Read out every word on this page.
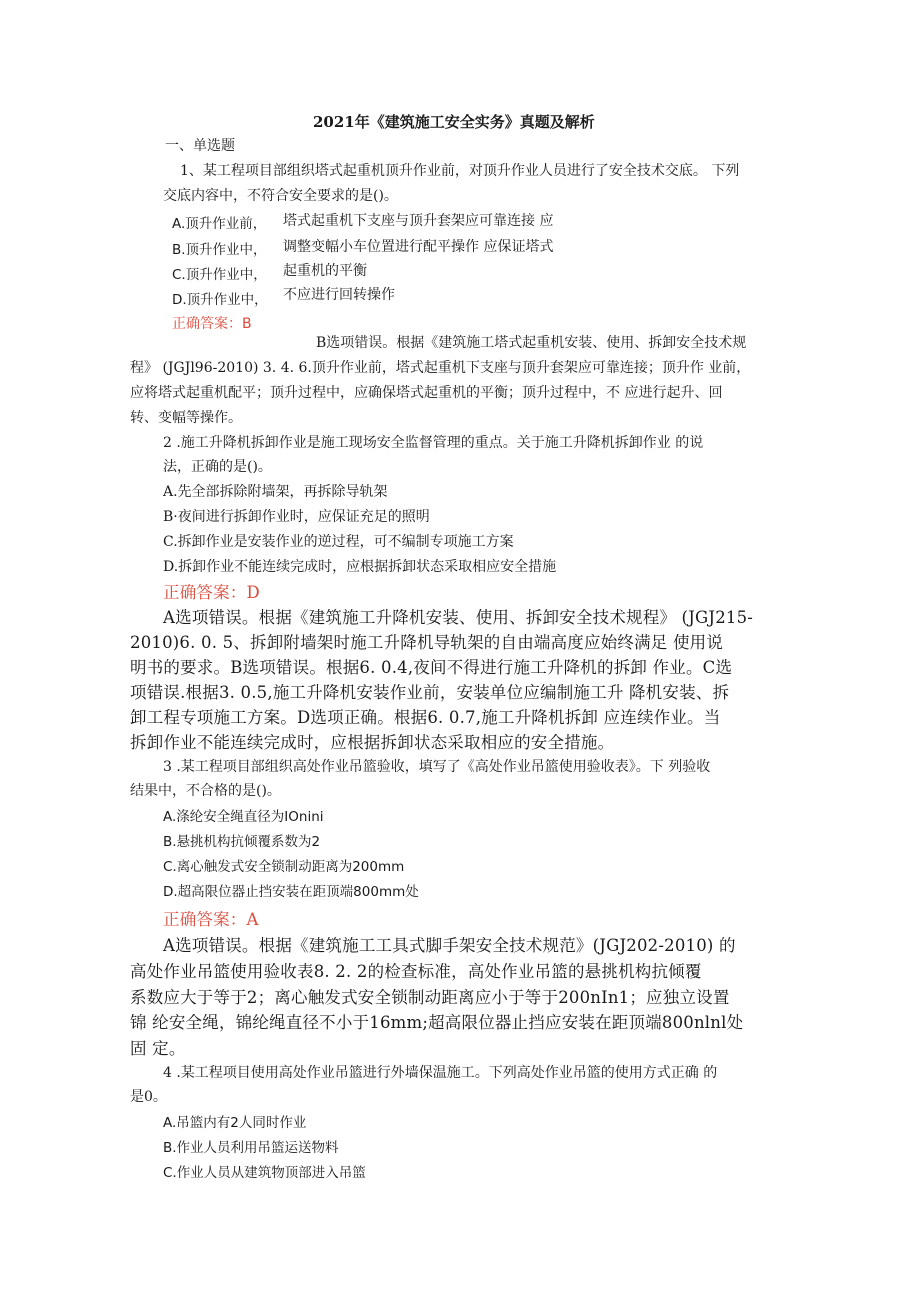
2021年《建筑施工安全实务》真题及解析
一、单选题
1、某工程项目部组织塔式起重机顶升作业前，对顶升作业人员进行了安全技术交底。 下列
交底内容中，不符合安全要求的是()。
A.顶升作业前，
B.顶升作业中，
C.顶升作业中，
D.顶升作业中，
塔式起重机下支座与顶升套架应可靠连接 应
调整变幅小车位置进行配平操作 应保证塔式
起重机的平衡
不应进行回转操作
正确答案：B
B选项错误。根据《建筑施工塔式起重机安装、使用、拆卸安全技术规
程》 (JGJl96-2010) 3. 4. 6.顶升作业前，塔式起重机下支座与顶升套架应可靠连接；顶升作 业前，
应将塔式起重机配平；顶升过程中，应确保塔式起重机的平衡；顶升过程中，不 应进行起升、回
转、变幅等操作。
2 .施工升降机拆卸作业是施工现场安全监督管理的重点。关于施工升降机拆卸作业 的说
法，正确的是()。
A.先全部拆除附墙架，再拆除导轨架
B·夜间进行拆卸作业时，应保证充足的照明
C.拆卸作业是安装作业的逆过程，可不编制专项施工方案
D.拆卸作业不能连续完成时，应根据拆卸状态采取相应安全措施
正确答案：D
A选项错误。根据《建筑施工升降机安装、使用、拆卸安全技术规程》 (JGJ215-
2010)6. 0. 5、拆卸附墙架时施工升降机导轨架的自由端高度应始终满足 使用说
明书的要求。B选项错误。根据6. 0.4,夜间不得进行施工升降机的拆卸 作业。C选
项错误.根据3. 0.5,施工升降机安装作业前，安装单位应编制施工升 降机安装、拆
卸工程专项施工方案。D选项正确。根据6. 0.7,施工升降机拆卸 应连续作业。当
拆卸作业不能连续完成时，应根据拆卸状态采取相应的安全措施。
3 .某工程项目部组织高处作业吊篮验收，填写了《高处作业吊篮使用验收表》。下 列验收
结果中，不合格的是()。
A.涤纶安全绳直径为IOnini
B.悬挑机构抗倾覆系数为2
C.离心触发式安全锁制动距离为200mm
D.超高限位器止挡安装在距顶端800mm处
正确答案：A
A选项错误。根据《建筑施工工具式脚手架安全技术规范》(JGJ202-2010) 的
高处作业吊篮使用验收表8. 2. 2的检查标准，高处作业吊篮的悬挑机构抗倾覆
系数应大于等于2；离心触发式安全锁制动距离应小于等于200nIn1；应独立设置
锦 纶安全绳，锦纶绳直径不小于16mm;超高限位器止挡应安装在距顶端800nlnl处
固 定。
4 .某工程项目使用高处作业吊篮进行外墙保温施工。下列高处作业吊篮的使用方式正确 的
是0。
A.吊篮内有2人同时作业
B.作业人员利用吊篮运送物料
C.作业人员从建筑物顶部进入吊篮
